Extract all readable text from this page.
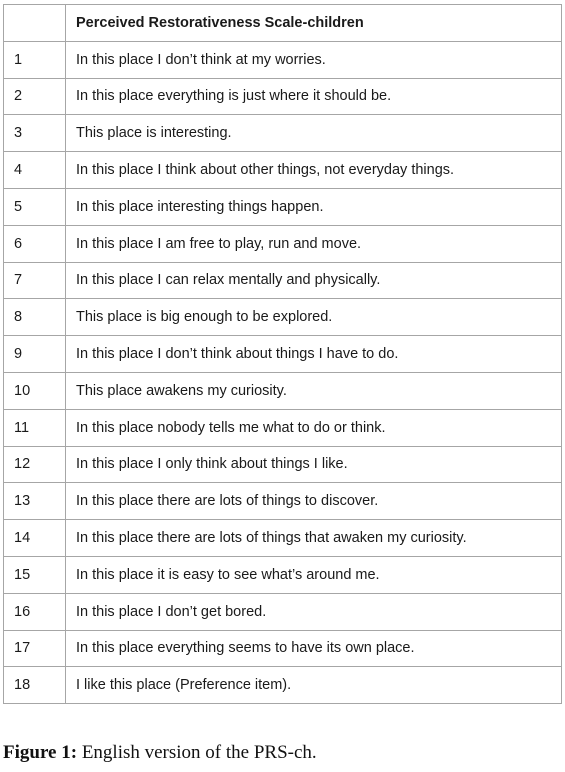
	Perceived Restorativeness Scale-children
1	In this place I don’t think at my worries.
2	In this place everything is just where it should be.
3	This place is interesting.
4	In this place I think about other things, not everyday things.
5	In this place interesting things happen.
6	In this place I am free to play, run and move.
7	In this place I can relax mentally and physically.
8	This place is big enough to be explored.
9	In this place I don’t think about things I have to do.
10	This place awakens my curiosity.
11	In this place nobody tells me what to do or think.
12	In this place I only think about things I like.
13	In this place there are lots of things to discover.
14	In this place there are lots of things that awaken my curiosity.
15	In this place it is easy to see what’s around me.
16	In this place I don’t get bored.
17	In this place everything seems to have its own place.
18	I like this place (Preference item).
Figure 1: English version of the PRS-ch.
